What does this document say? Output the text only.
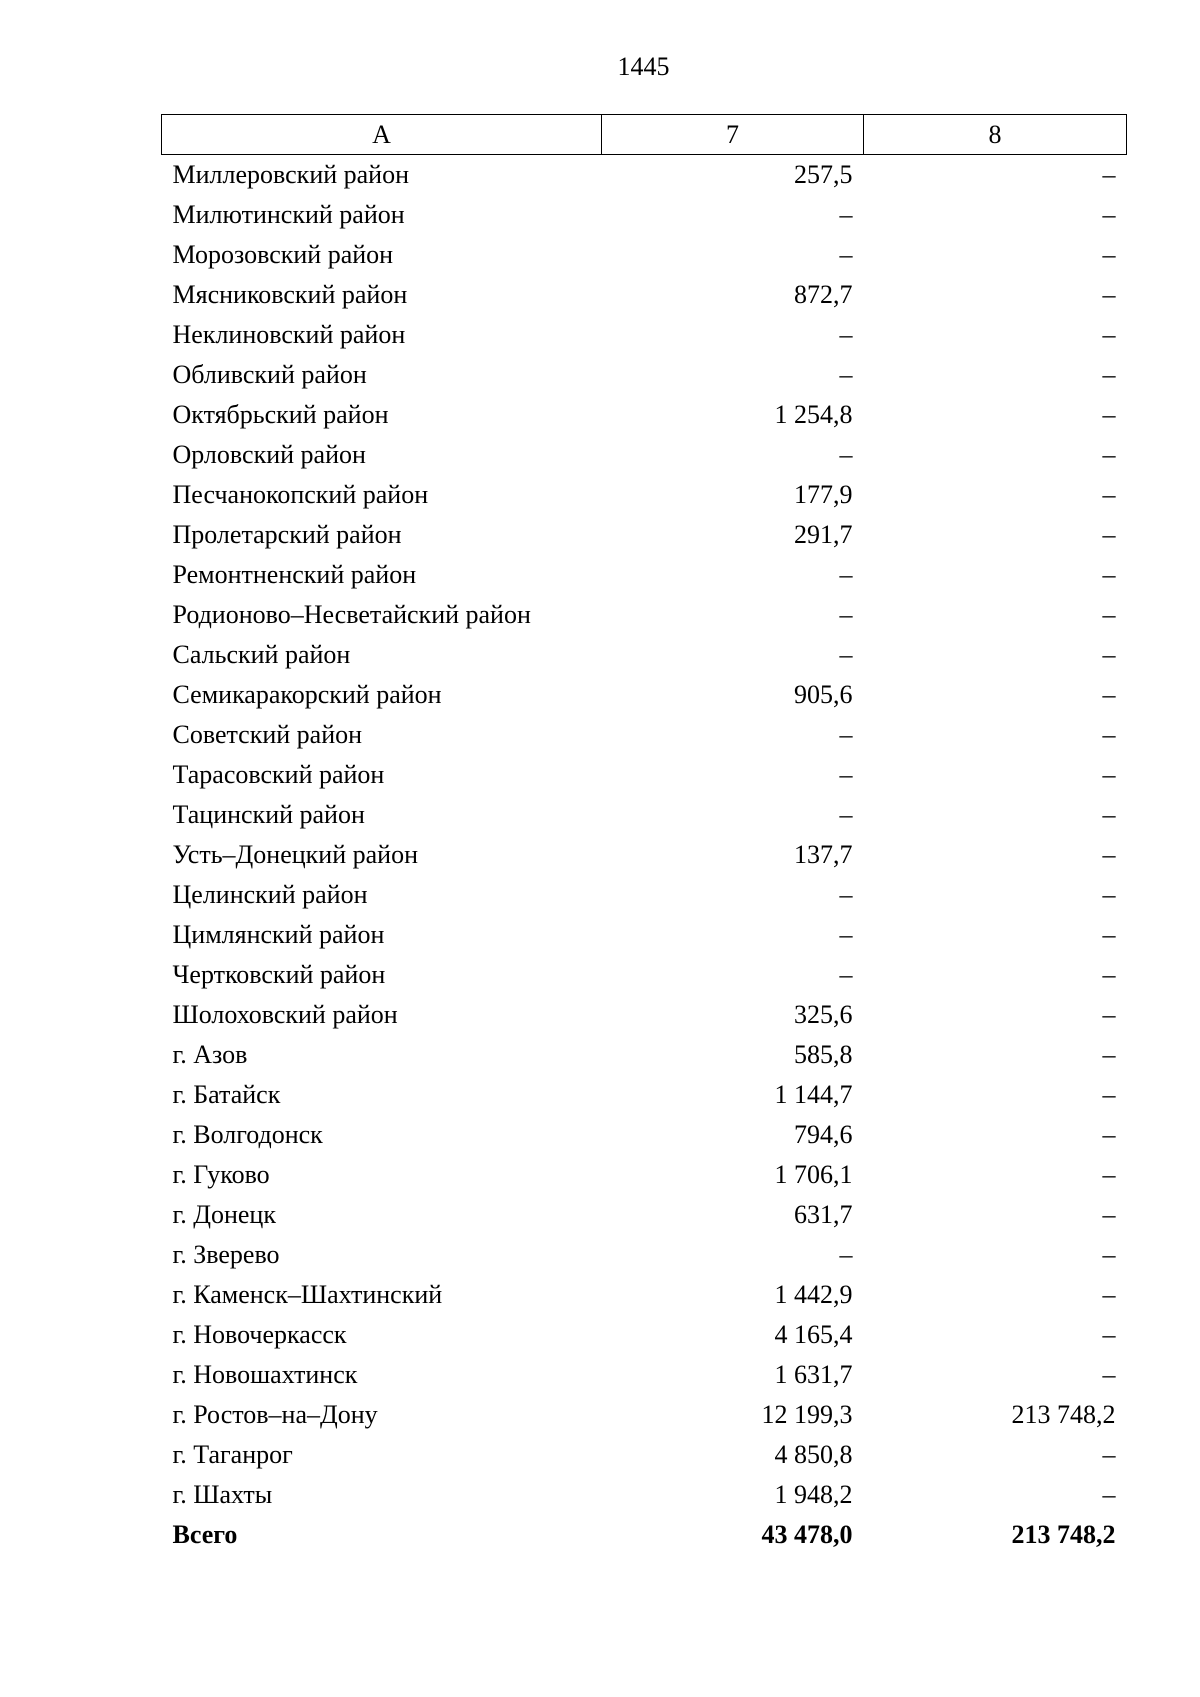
1445
А	7	8
Миллеровский район	257,5	–
Милютинский район	–	–
Морозовский район	–	–
Мясниковский район	872,7	–
Неклиновский район	–	–
Обливский район	–	–
Октябрьский район	1 254,8	–
Орловский район	–	–
Песчанокопский район	177,9	–
Пролетарский район	291,7	–
Ремонтненский район	–	–
Родионово–Несветайский район	–	–
Сальский район	–	–
Семикаракорский район	905,6	–
Советский район	–	–
Тарасовский район	–	–
Тацинский район	–	–
Усть–Донецкий район	137,7	–
Целинский район	–	–
Цимлянский район	–	–
Чертковский район	–	–
Шолоховский район	325,6	–
г. Азов	585,8	–
г. Батайск	1 144,7	–
г. Волгодонск	794,6	–
г. Гуково	1 706,1	–
г. Донецк	631,7	–
г. Зверево	–	–
г. Каменск–Шахтинский	1 442,9	–
г. Новочеркасск	4 165,4	–
г. Новошахтинск	1 631,7	–
г. Ростов–на–Дону	12 199,3	213 748,2
г. Таганрог	4 850,8	–
г. Шахты	1 948,2	–
Всего	43 478,0	213 748,2
